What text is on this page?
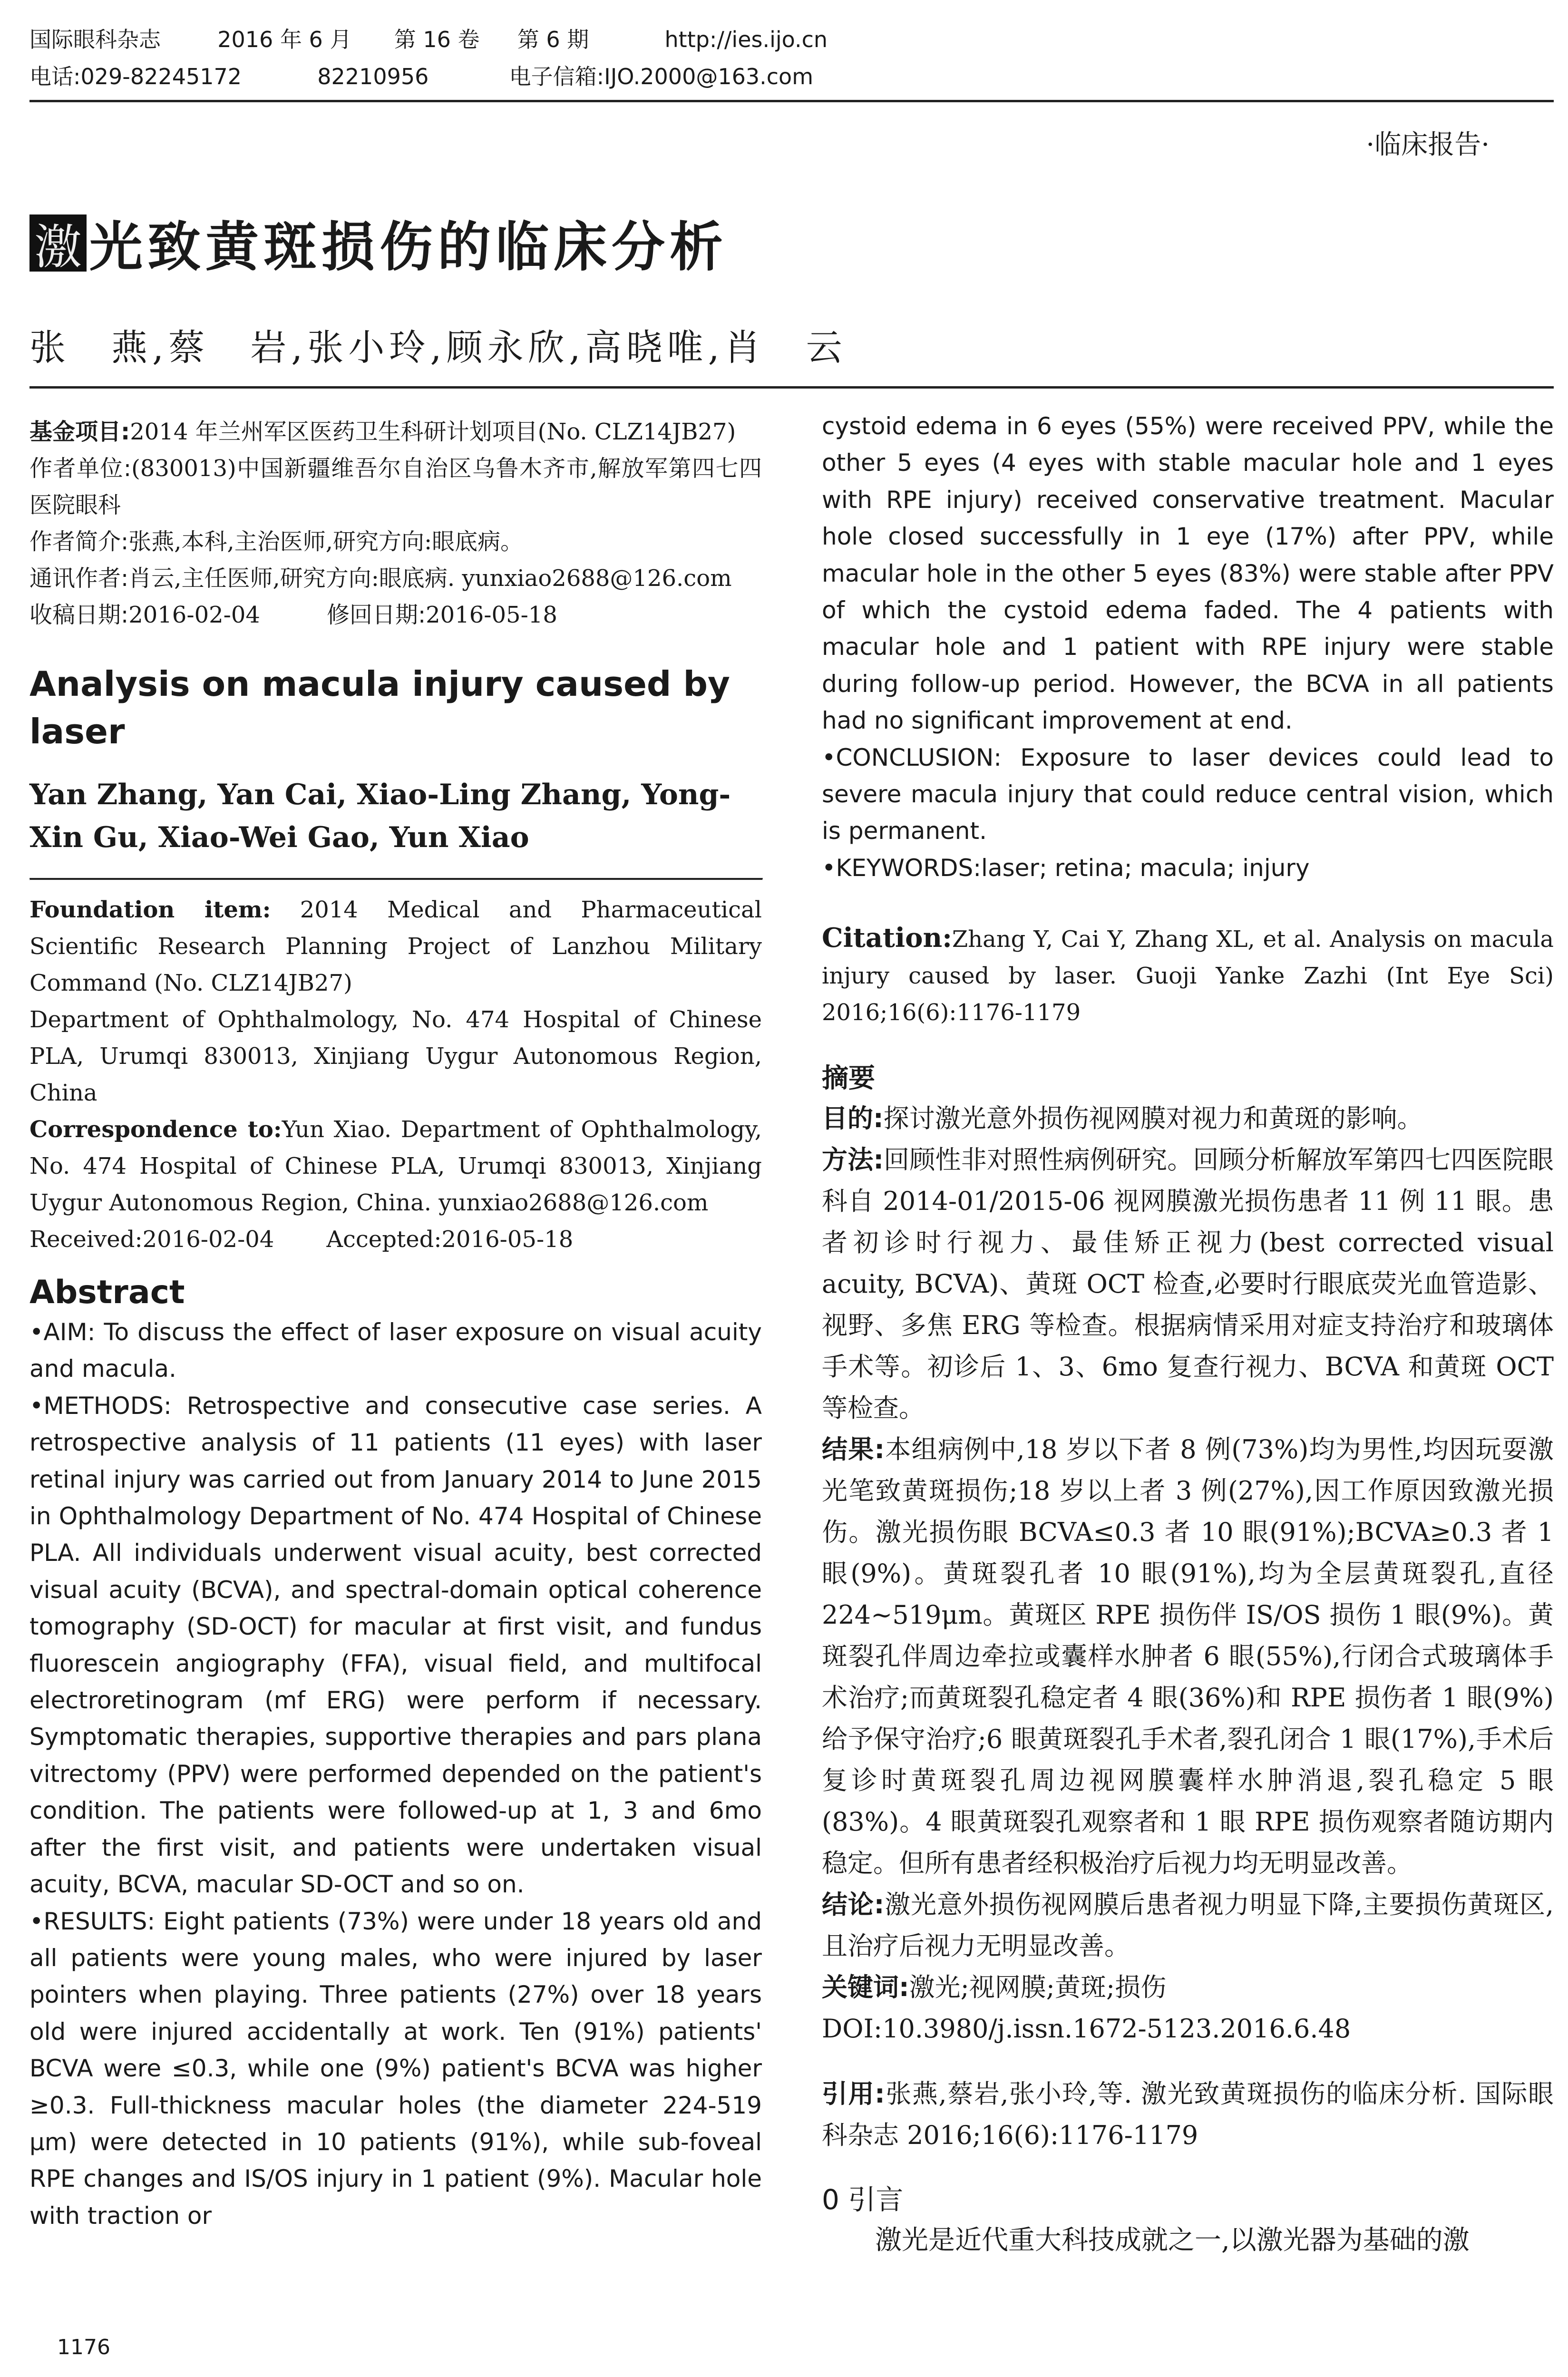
国际眼科杂志	2016 年 6 月 第 16 卷 第 6 期	http://ies.ijo.cn
电话:029-82245172	82210956	电子信箱:IJO.2000@163.com
·临床报告·
激 光致黄斑损伤的临床分析
张　燕,蔡　岩,张小玲,顾永欣,高晓唯,肖　云

基金项目:2014 年兰州军区医药卫生科研计划项目(No. CLZ14JB27)

作者单位:(830013)中国新疆维吾尔自治区乌鲁木齐市,解放军第四七四医院眼科

作者简介:张燕,本科,主治医师,研究方向:眼底病。

通讯作者:肖云,主任医师,研究方向:眼底病. yunxiao2688@126.com

收稿日期:2016-02-04	修回日期:2016-05-18

Analysis on macula injury caused by laser

Yan Zhang, Yan Cai, Xiao-Ling Zhang, Yong-Xin Gu, Xiao-Wei Gao, Yun Xiao

Foundation item: 2014 Medical and Pharmaceutical Scientific Research Planning Project of Lanzhou Military Command (No. CLZ14JB27)

Department of Ophthalmology, No. 474 Hospital of Chinese PLA, Urumqi 830013, Xinjiang Uygur Autonomous Region, China

Correspondence to:Yun Xiao. Department of Ophthalmology, No. 474 Hospital of Chinese PLA, Urumqi 830013, Xinjiang Uygur Autonomous Region, China. yunxiao2688@126.com

Received:2016-02-04 Accepted:2016-05-18

Abstract

•AIM: To discuss the effect of laser exposure on visual acuity and macula.

•METHODS: Retrospective and consecutive case series. A retrospective analysis of 11 patients (11 eyes) with laser retinal injury was carried out from January 2014 to June 2015 in Ophthalmology Department of No. 474 Hospital of Chinese PLA. All individuals underwent visual acuity, best corrected visual acuity (BCVA), and spectral-domain optical coherence tomography (SD-OCT) for macular at first visit, and fundus fluorescein angiography (FFA), visual field, and multifocal electroretinogram (mf ERG) were perform if necessary. Symptomatic therapies, supportive therapies and pars plana vitrectomy (PPV) were performed depended on the patient's condition. The patients were followed-up at 1, 3 and 6mo after the first visit, and patients were undertaken visual acuity, BCVA, macular SD-OCT and so on.

•RESULTS: Eight patients (73%) were under 18 years old and all patients were young males, who were injured by laser pointers when playing. Three patients (27%) over 18 years old were injured accidentally at work. Ten (91%) patients' BCVA were ≤0.3, while one (9%) patient's BCVA was higher ≥0.3. Full-thickness macular holes (the diameter 224-519 μm) were detected in 10 patients (91%), while sub-foveal RPE changes and IS/OS injury in 1 patient (9%). Macular hole with traction or

cystoid edema in 6 eyes (55%) were received PPV, while the other 5 eyes (4 eyes with stable macular hole and 1 eyes with RPE injury) received conservative treatment. Macular hole closed successfully in 1 eye (17%) after PPV, while macular hole in the other 5 eyes (83%) were stable after PPV of which the cystoid edema faded. The 4 patients with macular hole and 1 patient with RPE injury were stable during follow-up period. However, the BCVA in all patients had no significant improvement at end.

•CONCLUSION: Exposure to laser devices could lead to severe macula injury that could reduce central vision, which is permanent.

•KEYWORDS:laser; retina; macula; injury

Citation:Zhang Y, Cai Y, Zhang XL, et al. Analysis on macula injury caused by laser. Guoji Yanke Zazhi (Int Eye Sci) 2016;16(6):1176-1179

摘要

目的:探讨激光意外损伤视网膜对视力和黄斑的影响。

方法:回顾性非对照性病例研究。回顾分析解放军第四七四医院眼科自 2014-01/2015-06 视网膜激光损伤患者 11 例 11 眼。患者初诊时行视力、最佳矫正视力(best corrected visual acuity, BCVA)、黄斑 OCT 检查,必要时行眼底荧光血管造影、视野、多焦 ERG 等检查。根据病情采用对症支持治疗和玻璃体手术等。初诊后 1、3、6mo 复查行视力、BCVA 和黄斑 OCT 等检查。

结果:本组病例中,18 岁以下者 8 例(73%)均为男性,均因玩耍激光笔致黄斑损伤;18 岁以上者 3 例(27%),因工作原因致激光损伤。激光损伤眼 BCVA≤0.3 者 10 眼(91%);BCVA≥0.3 者 1 眼(9%)。黄斑裂孔者 10 眼(91%),均为全层黄斑裂孔,直径 224~519μm。黄斑区 RPE 损伤伴 IS/OS 损伤 1 眼(9%)。黄斑裂孔伴周边牵拉或囊样水肿者 6 眼(55%),行闭合式玻璃体手术治疗;而黄斑裂孔稳定者 4 眼(36%)和 RPE 损伤者 1 眼(9%)给予保守治疗;6 眼黄斑裂孔手术者,裂孔闭合 1 眼(17%),手术后复诊时黄斑裂孔周边视网膜囊样水肿消退,裂孔稳定 5 眼(83%)。4 眼黄斑裂孔观察者和 1 眼 RPE 损伤观察者随访期内稳定。但所有患者经积极治疗后视力均无明显改善。

结论:激光意外损伤视网膜后患者视力明显下降,主要损伤黄斑区,且治疗后视力无明显改善。

关键词:激光;视网膜;黄斑;损伤

DOI:10.3980/j.issn.1672-5123.2016.6.48

引用:张燕,蔡岩,张小玲,等. 激光致黄斑损伤的临床分析. 国际眼科杂志 2016;16(6):1176-1179

0 引言

激光是近代重大科技成就之一,以激光器为基础的激

1176
